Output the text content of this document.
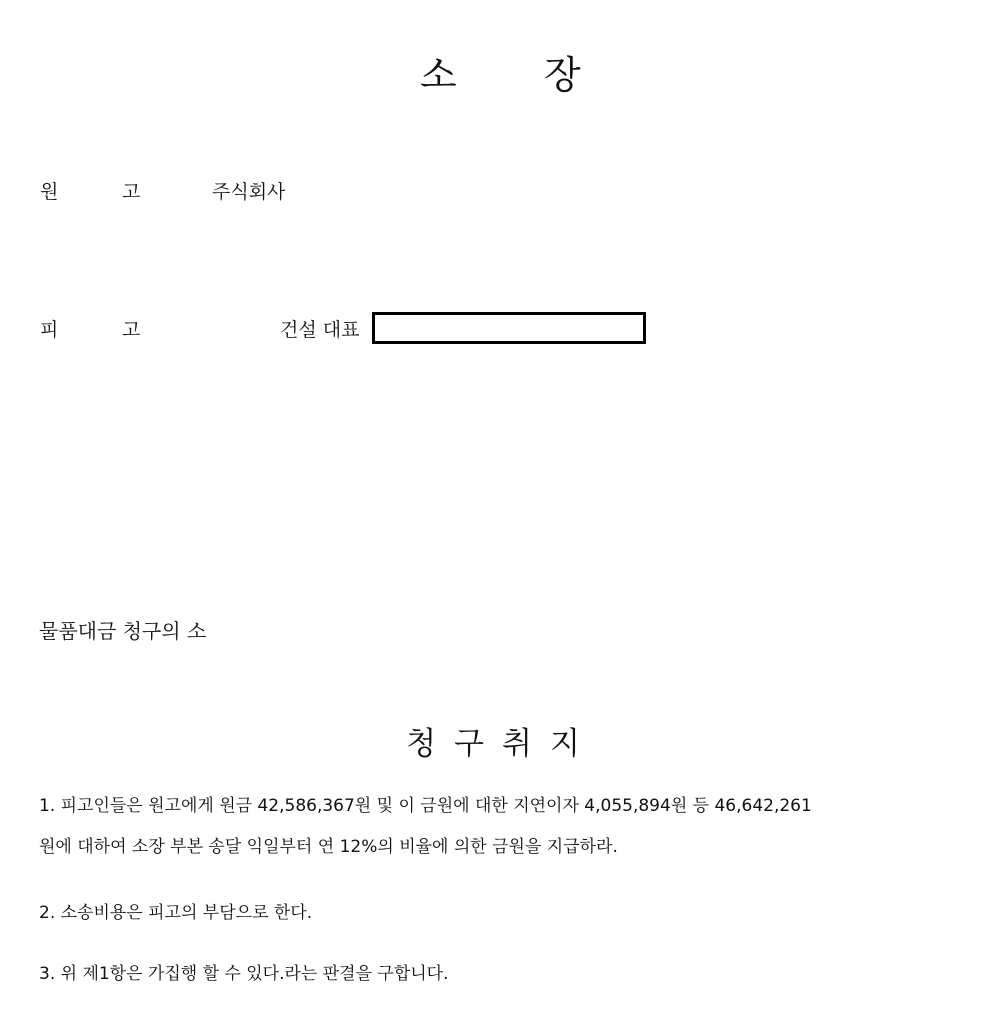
소 장
원	고	주식회사
피	고	건설 대표
물품대금 청구의 소
청 구 취 지
1. 피고인들은 원고에게 원금 42,586,367원 및 이 금원에 대한 지연이자 4,055,894원 등 46,642,261
원에 대하여 소장 부본 송달 익일부터 연 12%의 비율에 의한 금원을 지급하라.
2. 소송비용은 피고의 부담으로 한다.
3. 위 제1항은 가집행 할 수 있다.라는 판결을 구합니다.
